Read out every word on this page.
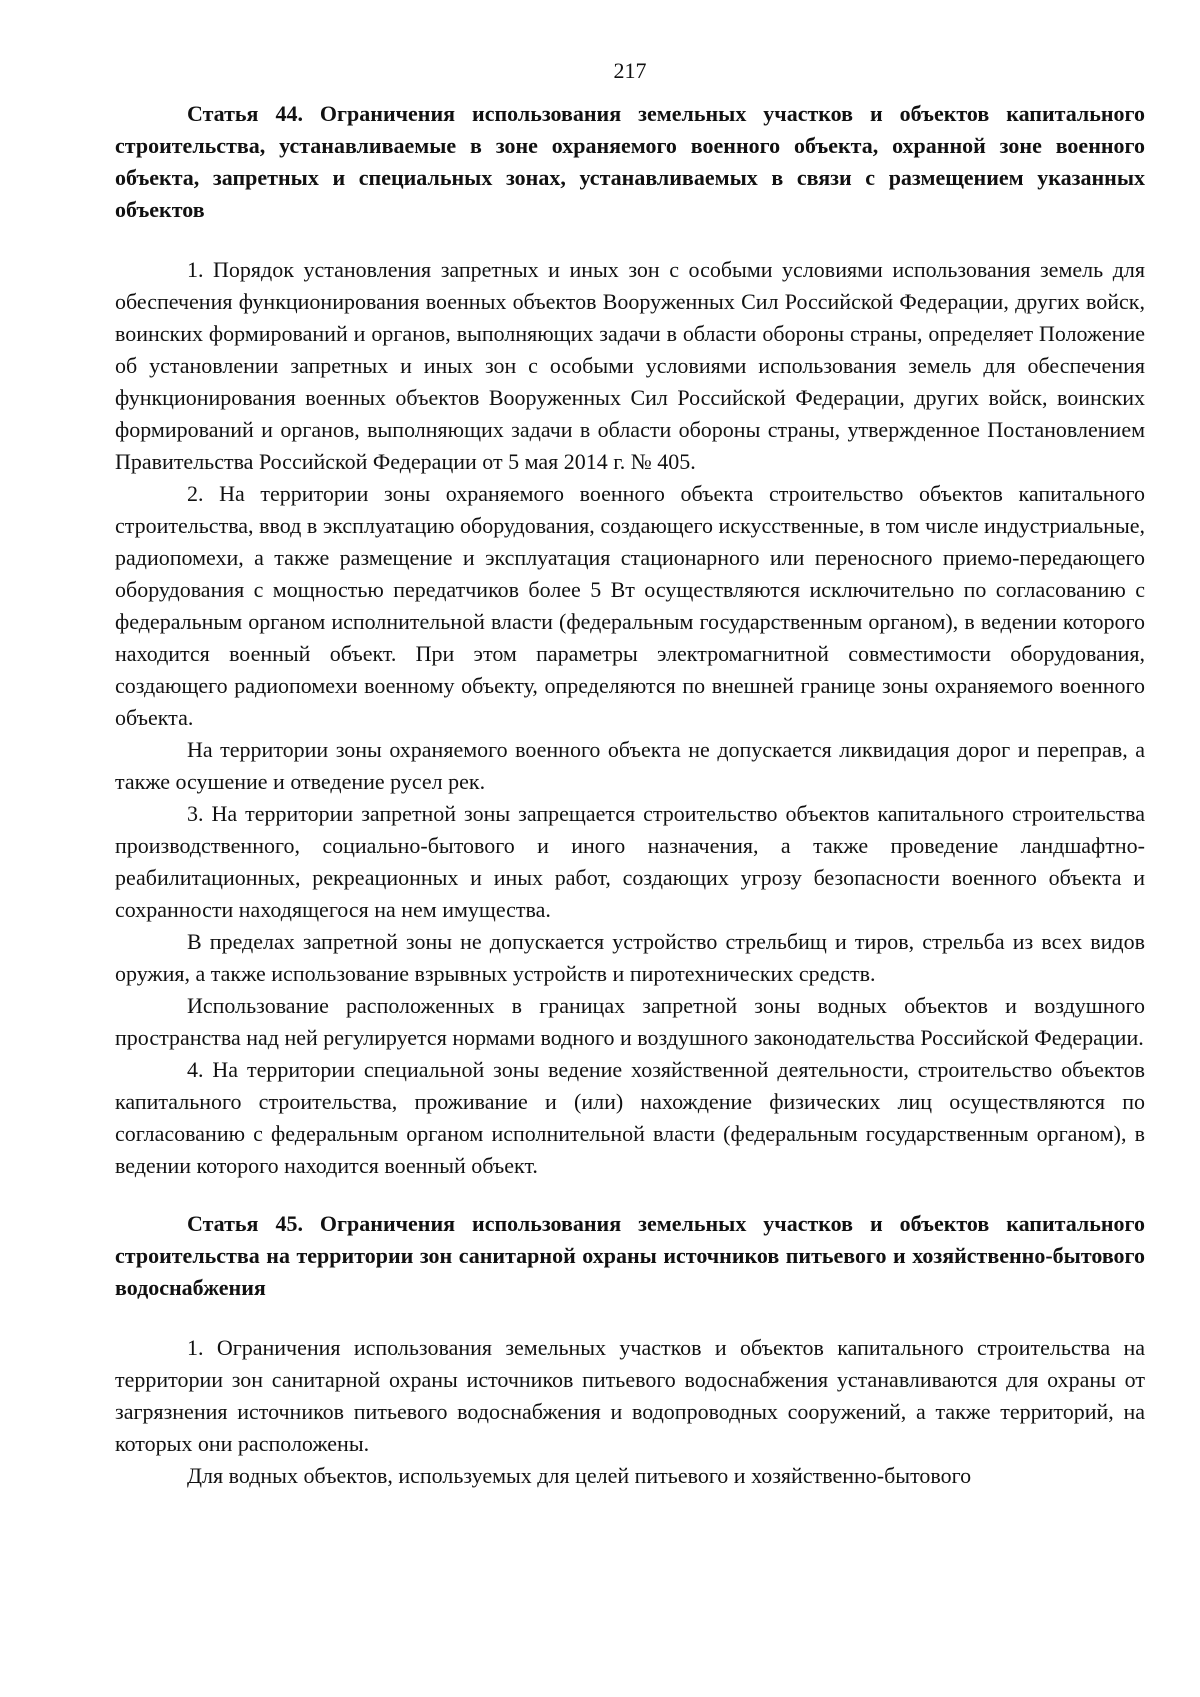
217
Статья 44. Ограничения использования земельных участков и объектов капитального строительства, устанавливаемые в зоне охраняемого военного объекта, охранной зоне военного объекта, запретных и специальных зонах, устанавливаемых в связи с размещением указанных объектов

1. Порядок установления запретных и иных зон с особыми условиями использования земель для обеспечения функционирования военных объектов Вооруженных Сил Российской Федерации, других войск, воинских формирований и органов, выполняющих задачи в области обороны страны, определяет Положение об установлении запретных и иных зон с особыми условиями использования земель для обеспечения функционирования военных объектов Вооруженных Сил Российской Федерации, других войск, воинских формирований и органов, выполняющих задачи в области обороны страны, утвержденное Постановлением Правительства Российской Федерации от 5 мая 2014 г. № 405.

2. На территории зоны охраняемого военного объекта строительство объектов капитального строительства, ввод в эксплуатацию оборудования, создающего искусственные, в том числе индустриальные, радиопомехи, а также размещение и эксплуатация стационарного или переносного приемо-передающего оборудования с мощностью передатчиков более 5 Вт осуществляются исключительно по согласованию с федеральным органом исполнительной власти (федеральным государственным органом), в ведении которого находится военный объект. При этом параметры электромагнитной совместимости оборудования, создающего радиопомехи военному объекту, определяются по внешней границе зоны охраняемого военного объекта.

На территории зоны охраняемого военного объекта не допускается ликвидация дорог и переправ, а также осушение и отведение русел рек.

3. На территории запретной зоны запрещается строительство объектов капитального строительства производственного, социально-бытового и иного назначения, а также проведение ландшафтно-реабилитационных, рекреационных и иных работ, создающих угрозу безопасности военного объекта и сохранности находящегося на нем имущества.

В пределах запретной зоны не допускается устройство стрельбищ и тиров, стрельба из всех видов оружия, а также использование взрывных устройств и пиротехнических средств.

Использование расположенных в границах запретной зоны водных объектов и воздушного пространства над ней регулируется нормами водного и воздушного законодательства Российской Федерации.

4. На территории специальной зоны ведение хозяйственной деятельности, строительство объектов капитального строительства, проживание и (или) нахождение физических лиц осуществляются по согласованию с федеральным органом исполнительной власти (федеральным государственным органом), в ведении которого находится военный объект.

Статья 45. Ограничения использования земельных участков и объектов капитального строительства на территории зон санитарной охраны источников питьевого и хозяйственно-бытового водоснабжения

1. Ограничения использования земельных участков и объектов капитального строительства на территории зон санитарной охраны источников питьевого водоснабжения устанавливаются для охраны от загрязнения источников питьевого водоснабжения и водопроводных сооружений, а также территорий, на которых они расположены.

Для водных объектов, используемых для целей питьевого и хозяйственно-бытового
